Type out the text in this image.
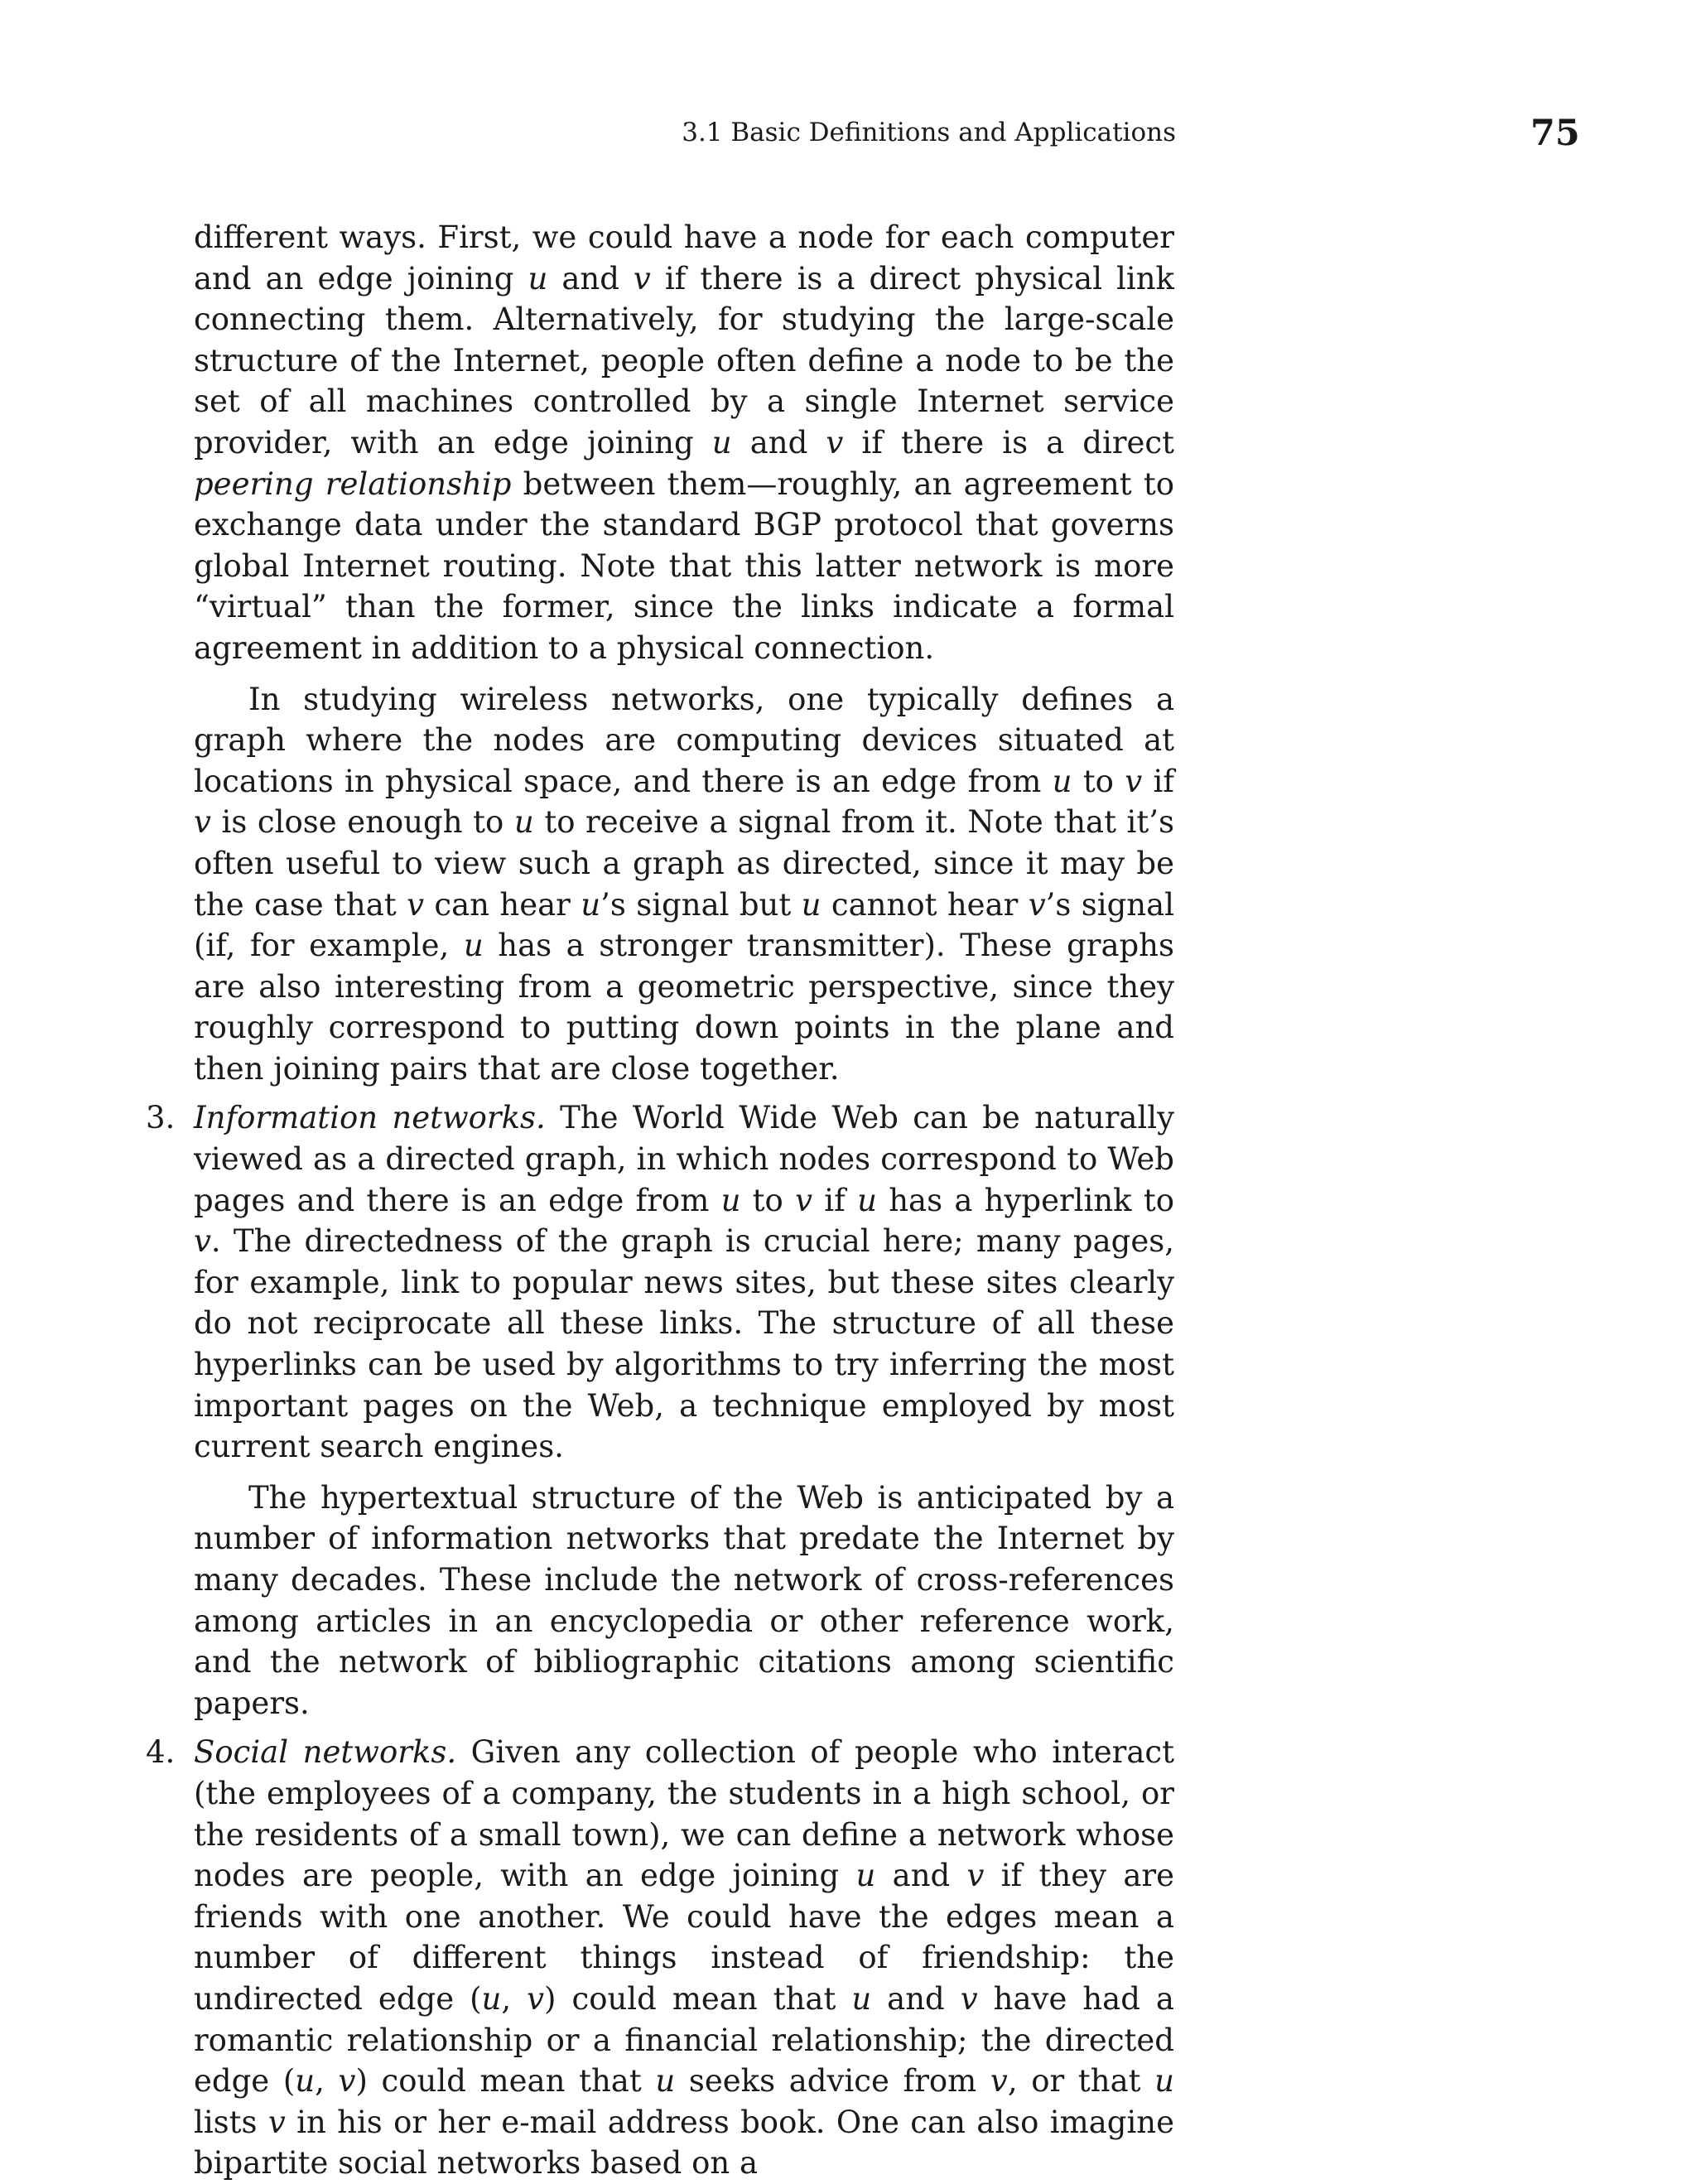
3.1 Basic Definitions and Applications	75

different ways. First, we could have a node for each computer and an edge joining u and v if there is a direct physical link connecting them. Alternatively, for studying the large-scale structure of the Internet, people often define a node to be the set of all machines controlled by a single Internet service provider, with an edge joining u and v if there is a direct peering relationship between them—roughly, an agreement to exchange data under the standard BGP protocol that governs global Internet routing. Note that this latter network is more “virtual” than the former, since the links indicate a formal agreement in addition to a physical connection.

In studying wireless networks, one typically defines a graph where the nodes are computing devices situated at locations in physical space, and there is an edge from u to v if v is close enough to u to receive a signal from it. Note that it’s often useful to view such a graph as directed, since it may be the case that v can hear u’s signal but u cannot hear v’s signal (if, for example, u has a stronger transmitter). These graphs are also interesting from a geometric perspective, since they roughly correspond to putting down points in the plane and then joining pairs that are close together.

3. Information networks. The World Wide Web can be naturally viewed as a directed graph, in which nodes correspond to Web pages and there is an edge from u to v if u has a hyperlink to v. The directedness of the graph is crucial here; many pages, for example, link to popular news sites, but these sites clearly do not reciprocate all these links. The structure of all these hyperlinks can be used by algorithms to try inferring the most important pages on the Web, a technique employed by most current search engines.

The hypertextual structure of the Web is anticipated by a number of information networks that predate the Internet by many decades. These include the network of cross-references among articles in an encyclopedia or other reference work, and the network of bibliographic citations among scientific papers.

4. Social networks. Given any collection of people who interact (the employees of a company, the students in a high school, or the residents of a small town), we can define a network whose nodes are people, with an edge joining u and v if they are friends with one another. We could have the edges mean a number of different things instead of friendship: the undirected edge (u, v) could mean that u and v have had a romantic relationship or a financial relationship; the directed edge (u, v) could mean that u seeks advice from v, or that u lists v in his or her e-mail address book. One can also imagine bipartite social networks based on a
